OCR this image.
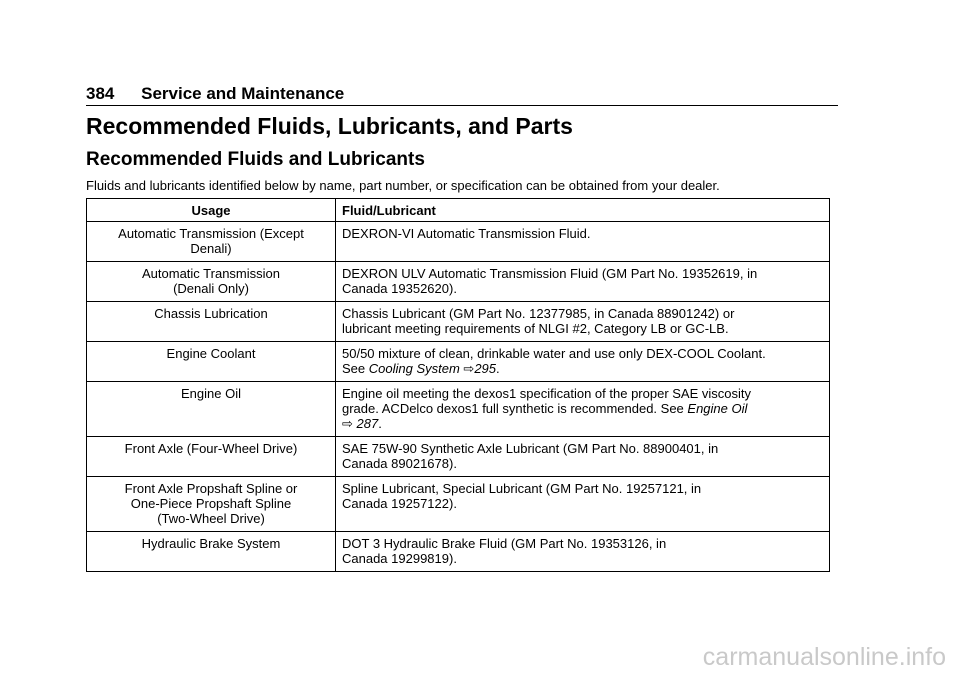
384 Service and Maintenance
Recommended Fluids, Lubricants, and Parts
Recommended Fluids and Lubricants
Fluids and lubricants identified below by name, part number, or specification can be obtained from your dealer.
Usage	Fluid/Lubricant
Automatic Transmission (Except
Denali)	DEXRON-VI Automatic Transmission Fluid.
Automatic Transmission
(Denali Only)	DEXRON ULV Automatic Transmission Fluid (GM Part No. 19352619, in
Canada 19352620).
Chassis Lubrication	Chassis Lubricant (GM Part No. 12377985, in Canada 88901242) or
lubricant meeting requirements of NLGI #2, Category LB or GC-LB.
Engine Coolant	50/50 mixture of clean, drinkable water and use only DEX-COOL Coolant.
See Cooling System ⇨295.
Engine Oil	Engine oil meeting the dexos1 specification of the proper SAE viscosity
grade. ACDelco dexos1 full synthetic is recommended. See Engine Oil
⇨ 287.
Front Axle (Four-Wheel Drive)	SAE 75W-90 Synthetic Axle Lubricant (GM Part No. 88900401, in
Canada 89021678).
Front Axle Propshaft Spline or
One-Piece Propshaft Spline
(Two-Wheel Drive)	Spline Lubricant, Special Lubricant (GM Part No. 19257121, in
Canada 19257122).
Hydraulic Brake System	DOT 3 Hydraulic Brake Fluid (GM Part No. 19353126, in
Canada 19299819).
carmanualsonline.info
